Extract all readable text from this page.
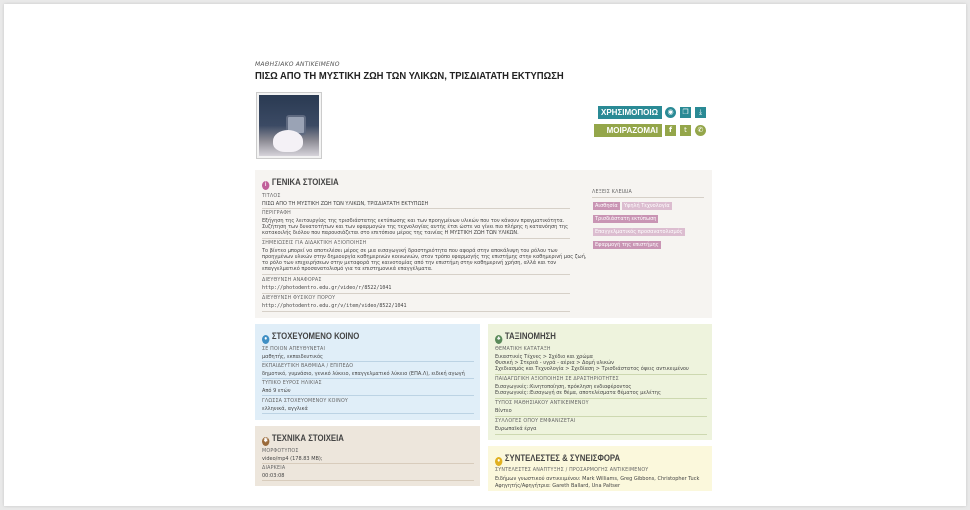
ΜΑΘΗΣΙΑΚΟ ΑΝΤΙΚΕΙΜΕΝΟ
ΠΙΣΩ ΑΠΟ ΤΗ ΜΥΣΤΙΚΗ ΖΩΗ ΤΩΝ ΥΛΙΚΩΝ, ΤΡΙΣΔΙΑΤΑΤΗ ΕΚΤΥΠΩΣΗ
ΧΡΗΣΙΜΟΠΟΙΩ	◉	❐	⤓
ΜΟΙΡΑΖΟΜΑΙ	f	t	✆
i ΓΕΝΙΚΑ ΣΤΟΙΧΕΙΑ
ΤΙΤΛΟΣ
ΠΙΣΩ ΑΠΟ ΤΗ ΜΥΣΤΙΚΗ ΖΩΗ ΤΩΝ ΥΛΙΚΩΝ, ΤΡΙΣΔΙΑΤΑΤΗ ΕΚΤΥΠΩΣΗ
ΠΕΡΙΓΡΑΦΗ
Εξήγηση της λειτουργίας της τρισδιάστατης εκτύπωσης και των προηγμένων υλικών που τον κάνουν πραγματικότητα.
Συζήτηση των δυνατοτήτων και των εφαρμογών της τεχνολογίας αυτής έτσι ώστε να γίνει πιο πλήρης η κατανόηση της
κατακοιλής διόλου που παρουσιάζεται στο επιτόπιου μέρος της ταινίας Η ΜΥΣΤΙΚΗ ΖΩΗ ΤΩΝ ΥΛΙΚΩΝ.
ΣΗΜΕΙΩΣΕΙΣ ΓΙΑ ΔΙΔΑΚΤΙΚΗ ΑΞΙΟΠΟΙΗΣΗ
Το βίντεο μπορεί να αποτελέσει μέρος σε μια εισαγωγική δραστηριότητα που αφορά στην αποκάλυψη του ρόλου των
προηγμένων υλικών στην δημιουργία καθημερινών κοινωνιών, στον τρόπο εφαρμογής της επιστήμης στην καθημερινή μας ζωή,
το ρόλο των επιχειρήσεων στην μεταφορά της καινοτομίας από την επιστήμη στην καθημερινή χρήση, αλλά και τον
επαγγελματικό προσανατολισμό για τα επιστημονικά επαγγέλματα.
ΔΙΕΥΘΥΝΣΗ ΑΝΑΦΟΡΑΣ
http://photodentro.edu.gr/video/r/8522/1041
ΔΙΕΥΘΥΝΣΗ ΦΥΣΙΚΟΥ ΠΟΡΟΥ
http://photodentro.edu.gr/v/item/video/8522/1041
ΛΕΞΕΙΣ ΚΛΕΙΔΙΑ
Αισθησία	Υφηλή Τεχνολογία
Τρισδιάστατη εκτύπωση
Επαγγελματικός προσανατολισμός
Εφαρμογή της επιστήμης
● ΣΤΟΧΕΥΟΜΕΝΟ ΚΟΙΝΟ
ΣΕ ΠΟΙΟΝ ΑΠΕΥΘΥΝΕΤΑΙ
μαθητής, εκπαιδευτικός
ΕΚΠΑΙΔΕΥΤΙΚΗ ΒΑΘΜΙΔΑ / ΕΠΙΠΕΔΟ
δημοτικό, γυμνάσιο, γενικό λύκειο, επαγγελματικό λύκειο (ΕΠΑ.Λ), ειδική αγωγή
ΤΥΠΙΚΟ ΕΥΡΟΣ ΗΛΙΚΙΑΣ
Από 9 ετών
ΓΛΩΣΣΑ ΣΤΟΧΕΥΟΜΕΝΟΥ ΚΟΙΝΟΥ
ελληνικά, αγγλικά
✱ ΤΕΧΝΙΚΑ ΣΤΟΙΧΕΙΑ
ΜΟΡΦΟΤΥΠΟΣ
video/mp4 (178.83 MB);
ΔΙΑΡΚΕΙΑ
00:03:08
♣ ΤΑΞΙΝΟΜΗΣΗ
ΘΕΜΑΤΙΚΗ ΚΑΤΑΤΑΞΗ
Εικαστικές Τέχνες > Σχέδιο και χρώμα
Φυσική > Στερεά - υγρά - αέρια > Δομή υλικών
Σχεδιασμός και Τεχνολογία > Σχεδίαση > Τρισδιάστατος όψεις αντικειμένου
ΠΑΙΔΑΓΩΓΙΚΗ ΑΞΙΟΠΟΙΗΣΗ ΣΕ ΔΡΑΣΤΗΡΙΟΤΗΤΕΣ
Εισαγωγικές::Κινητοποίηση, πρόκληση ενδιαφέροντος
Εισαγωγικές::Εισαγωγή σε θέμα, αποτελέσματα θέματος μελέτης
ΤΥΠΟΣ ΜΑΘΗΣΙΑΚΟΥ ΑΝΤΙΚΕΙΜΕΝΟΥ
Βίντεο
ΣΥΛΛΟΓΕΣ ΟΠΟΥ ΕΜΦΑΝΙΖΕΤΑΙ
Ευρωπαϊκά έργα
● ΣΥΝΤΕΛΕΣΤΕΣ & ΣΥΝΕΙΣΦΟΡΑ
ΣΥΝΤΕΛΕΣΤΕΣ ΑΝΑΠΤΥΞΗΣ / ΠΡΟΣΑΡΜΟΓΗΣ ΑΝΤΙΚΕΙΜΕΝΟΥ
Ειδήμων γνωστικού αντικειμένου: Mark Williams, Greg Gibbons, Christopher Tuck
Αφηγητής/Αφηγήτρια: Gareth Ballard, Una Paltser
